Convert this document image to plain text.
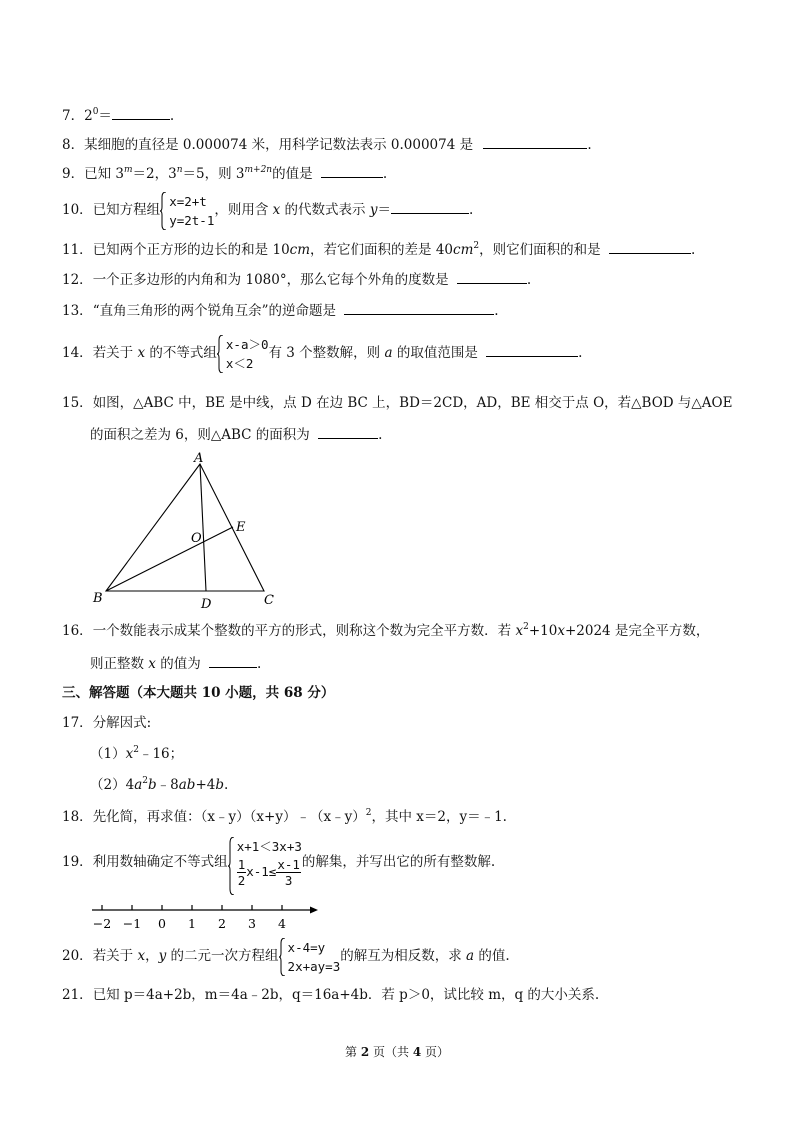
7．$2^0=$	.
8．某细胞的直径是 0.000074 米，用科学记数法表示 0.000074 是	.
9．已知 $3^m=2$，$3^n=5$，则 $3^{m+2n}$的值是	.
10．已知方程组
x=2+t
y=2t-1
，则用含 x 的代数式表示 y＝	.
11．已知两个正方形的边长的和是 10cm，若它们面积的差是 $40cm^2$，则它们面积的和是	.
12．一个正多边形的内角和为 1080°，那么它每个外角的度数是	.
13．“直角三角形的两个锐角互余”的逆命题是	.
14．若关于 x 的不等式组
x-a＞0
x＜2
有 3 个整数解，则 a 的取值范围是	.
15．如图，△ABC 中，BE 是中线，点 D 在边 BC 上，BD＝2CD，AD，BE 相交于点 O，若△BOD 与△AOE
的面积之差为 6，则△ABC 的面积为	.
A
B	C
D
E
O
16．一个数能表示成某个整数的平方的形式，则称这个数为完全平方数．若 $x^2+10x+2024$ 是完全平方数，
则正整数 x 的值为	.
三、解答题（本大题共 10 小题，共 68 分）
17．分解因式:
$(1)x^2﹣16$；
$(2)4a^2b﹣8ab+4b$.
18．先化简，再求值：（x﹣y）（x+y）﹣（x﹣y）$^2$，其中 x＝2，y＝﹣1.
19．利用数轴确定不等式组
x+1＜3x+3
$\frac{1}{2} x-1\le \frac{x-1}{3}$ 的解集，并写出它的所有整数解.
−2 −1 0 1 2 3 4
20．若关于 x，y 的二元一次方程组
x-4=y
2x+ay=3
的解互为相反数，求 a 的值.
21．已知 p＝4a+2b，m＝4a﹣2b，q＝16a+4b．若 p＞0，试比较 m，q 的大小关系.
第 2 页（共 4 页）
